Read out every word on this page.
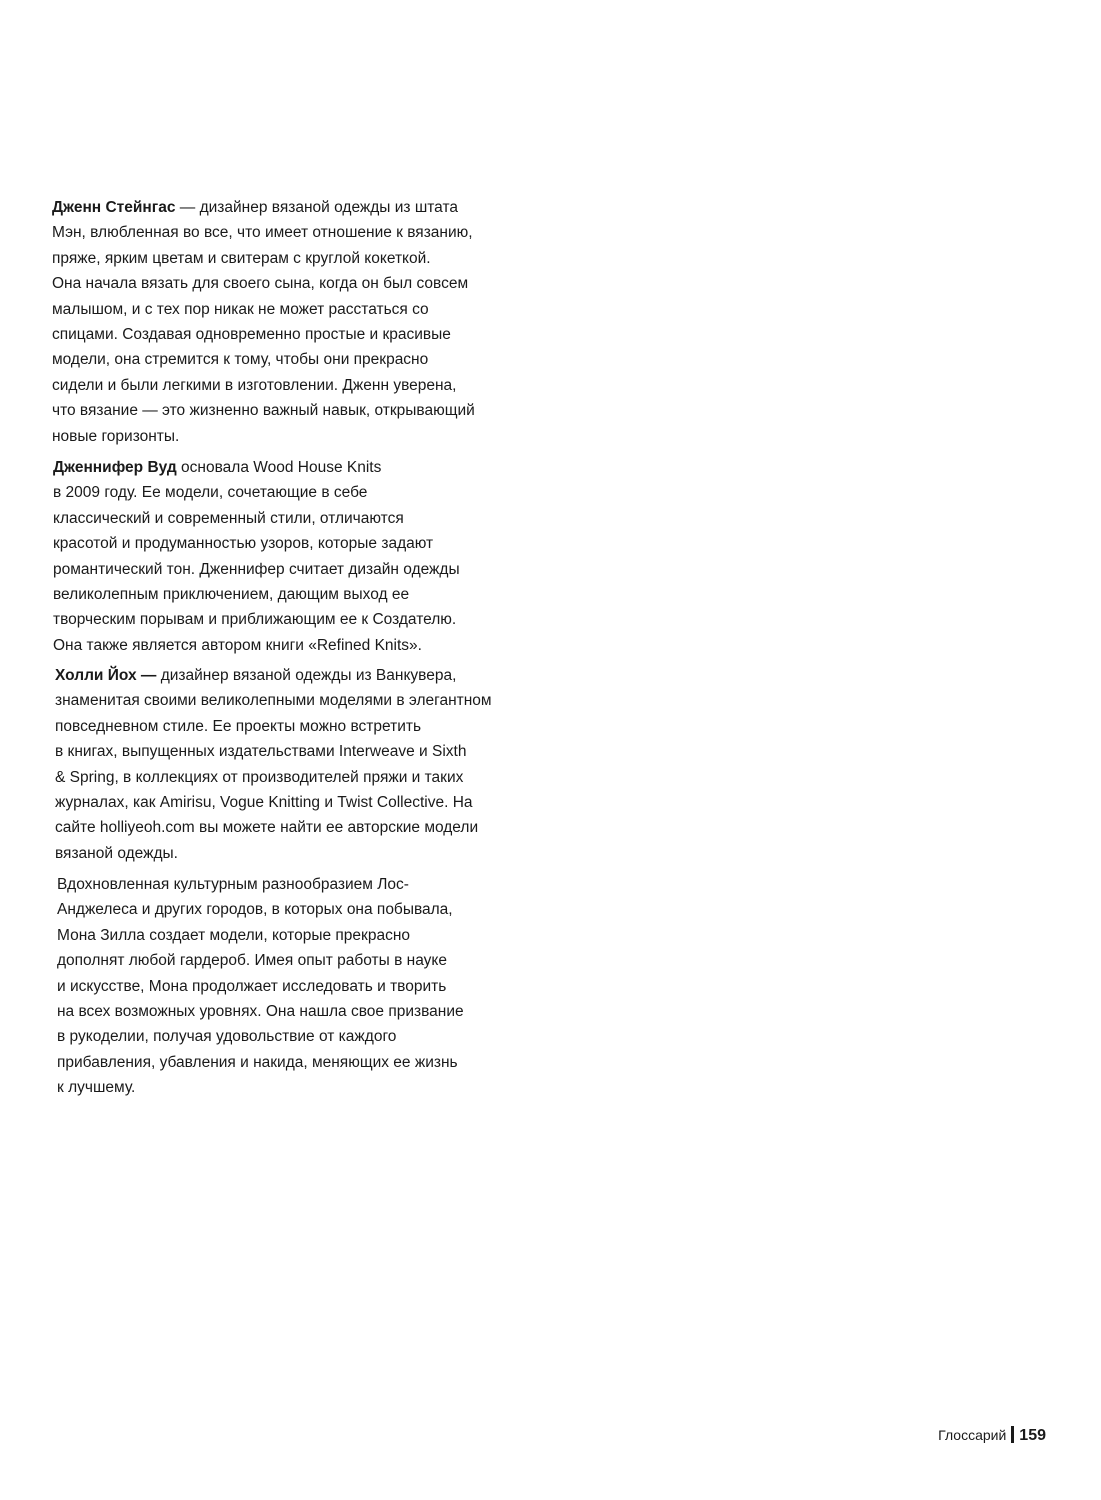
Дженн Стейнгас — дизайнер вязаной одежды из штата
Мэн, влюбленная во все, что имеет отношение к вязанию,
пряже, ярким цветам и свитерам с круглой кокеткой.
Она начала вязать для своего сына, когда он был совсем
малышом, и с тех пор никак не может расстаться со
спицами. Создавая одновременно простые и красивые
модели, она стремится к тому, чтобы они прекрасно
сидели и были легкими в изготовлении. Дженн уверена,
что вязание — это жизненно важный навык, открывающий
новые горизонты.

Дженнифер Вуд основала Wood House Knits
в 2009 году. Ее модели, сочетающие в себе
классический и современный стили, отличаются
красотой и продуманностью узоров, которые задают
романтический тон. Дженнифер считает дизайн одежды
великолепным приключением, дающим выход ее
творческим порывам и приближающим ее к Создателю.
Она также является автором книги «Refined Knits».

Холли Йох — дизайнер вязаной одежды из Ванкувера,
знаменитая своими великолепными моделями в элегантном
повседневном стиле. Ее проекты можно встретить
в книгах, выпущенных издательствами Interweave и Sixth
& Spring, в коллекциях от производителей пряжи и таких
журналах, как Amirisu, Vogue Knitting и Twist Collective. На
сайте holliyeoh.com вы можете найти ее авторские модели
вязаной одежды.

Вдохновленная культурным разнообразием Лос-
Анджелеса и других городов, в которых она побывала,
Мона Зилла создает модели, которые прекрасно
дополнят любой гардероб. Имея опыт работы в науке
и искусстве, Мона продолжает исследовать и творить
на всех возможных уровнях. Она нашла свое призвание
в рукоделии, получая удовольствие от каждого
прибавления, убавления и накида, меняющих ее жизнь
к лучшему.

Глоссарий 159
